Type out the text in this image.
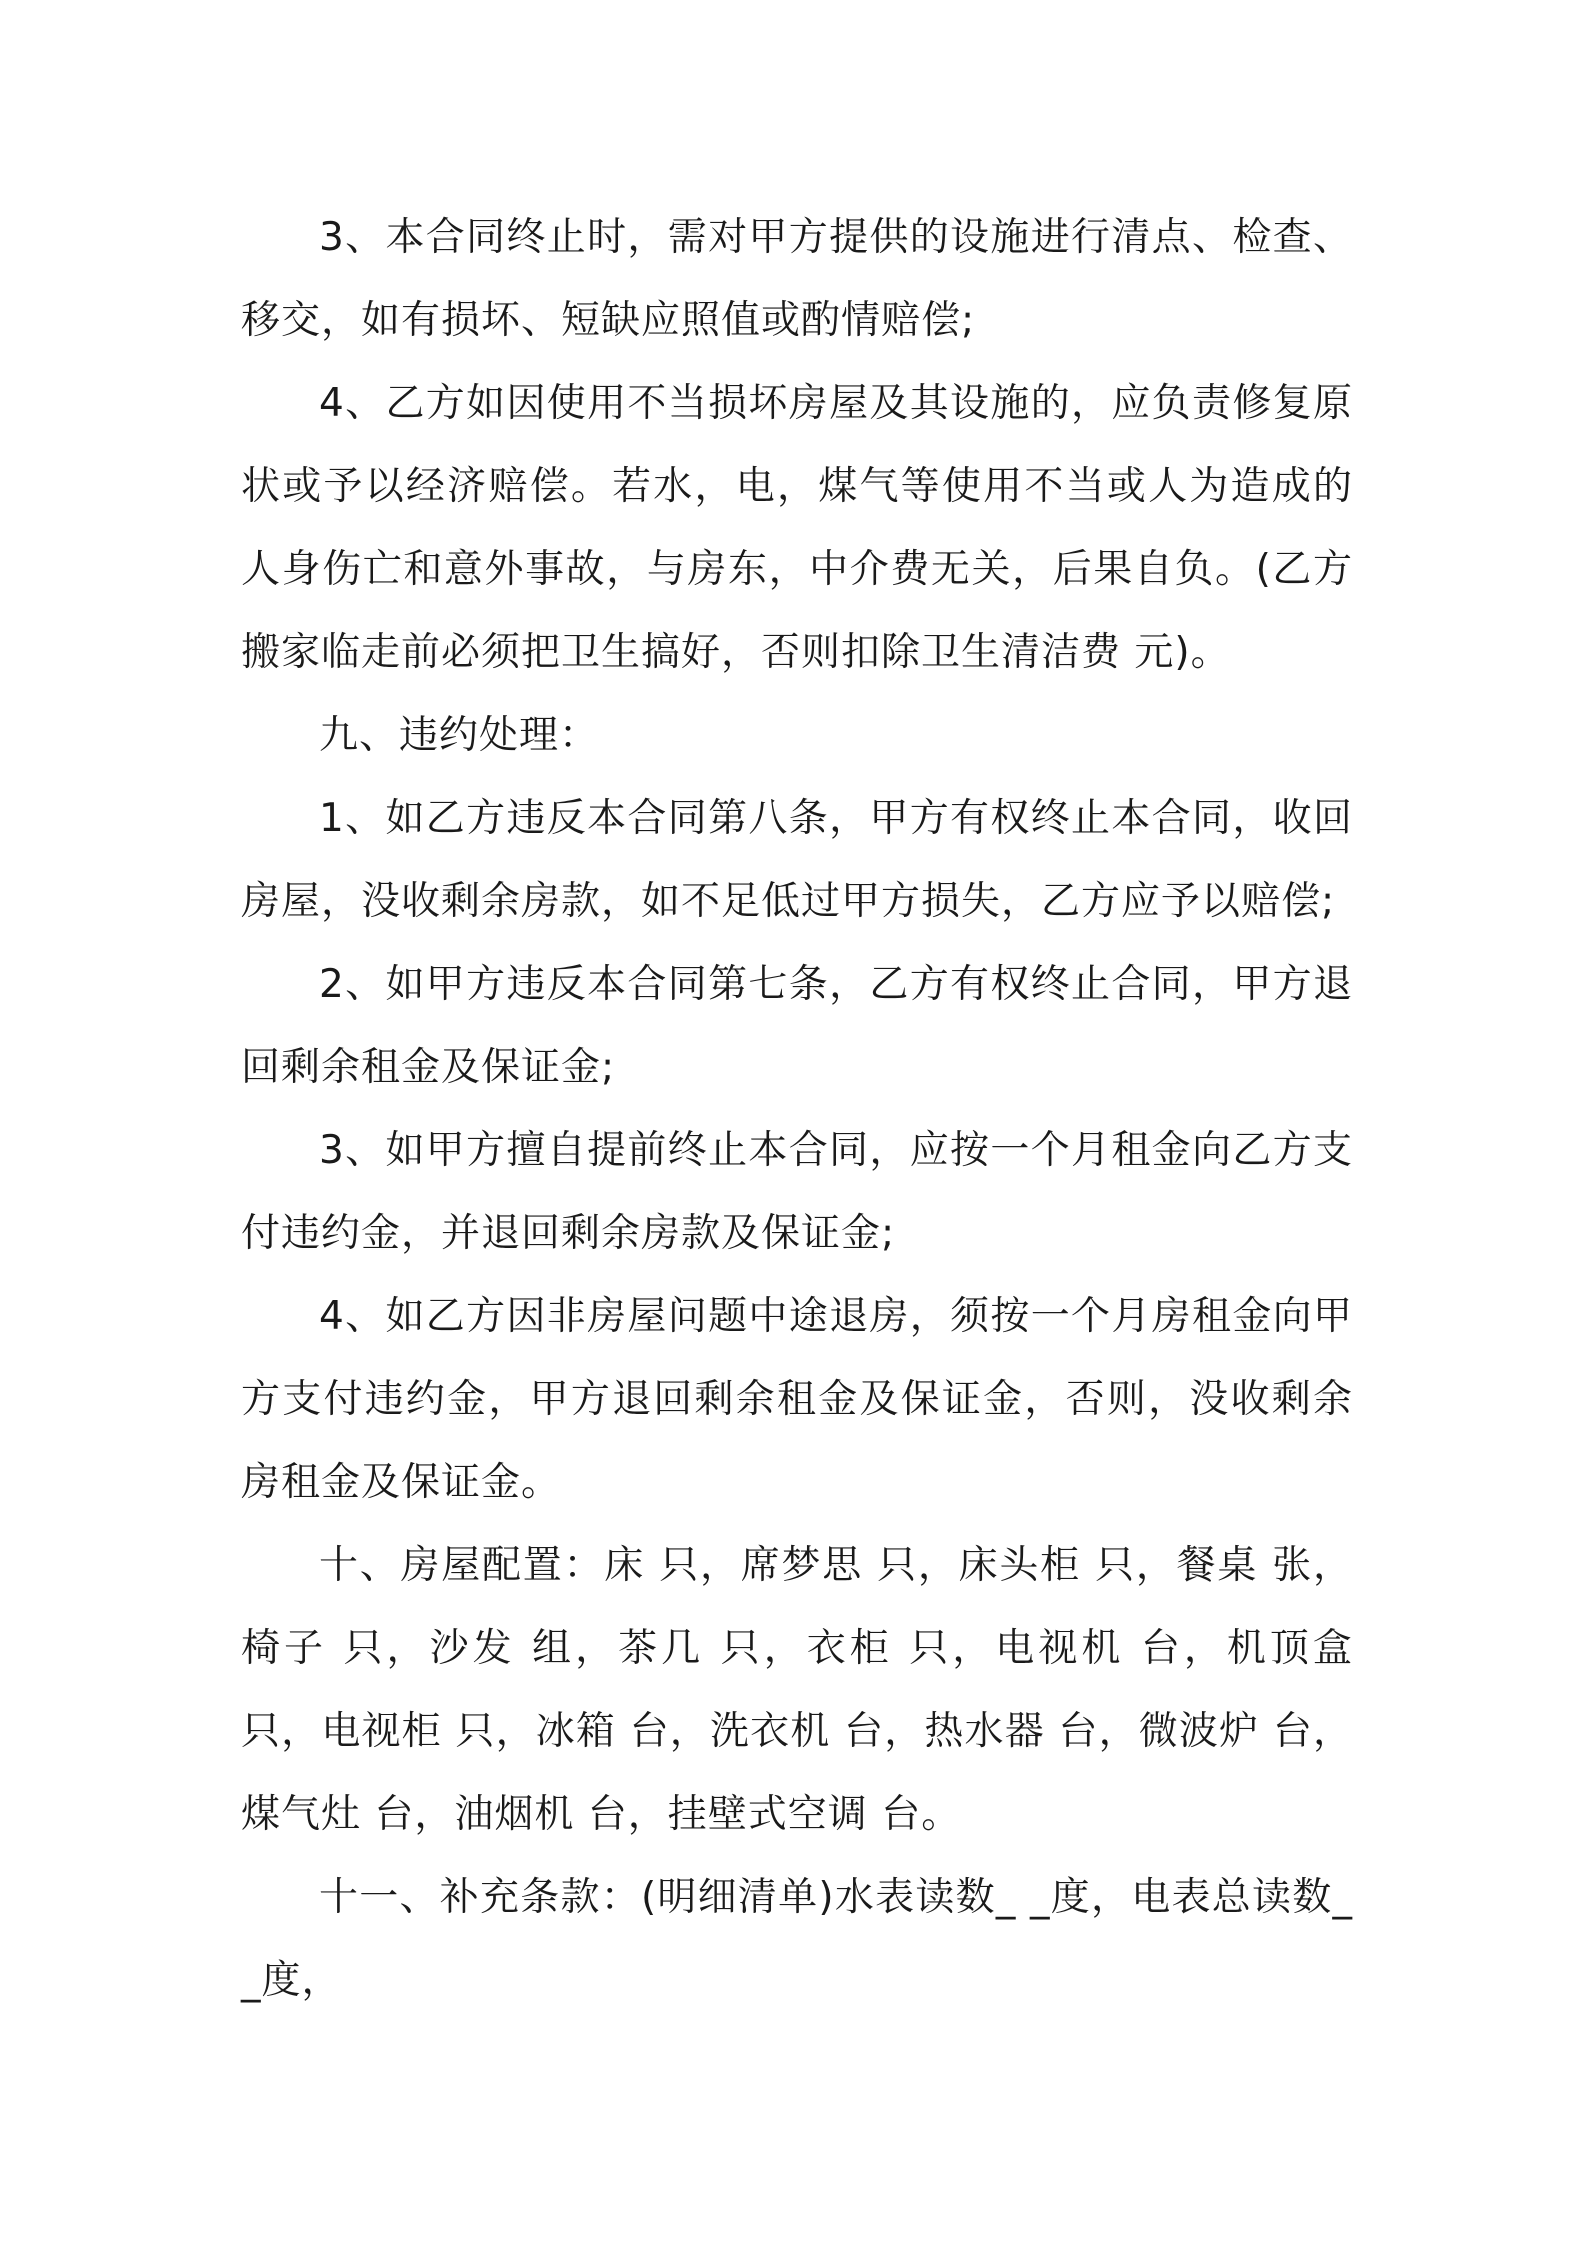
3、本合同终止时，需对甲方提供的设施进行清点、检查、移交，如有损坏、短缺应照值或酌情赔偿;

4、乙方如因使用不当损坏房屋及其设施的，应负责修复原状或予以经济赔偿。若水，电，煤气等使用不当或人为造成的人身伤亡和意外事故，与房东，中介费无关，后果自负。(乙方搬家临走前必须把卫生搞好，否则扣除卫生清洁费 元)。

九、违约处理：

1、如乙方违反本合同第八条，甲方有权终止本合同，收回房屋，没收剩余房款，如不足低过甲方损失，乙方应予以赔偿;

2、如甲方违反本合同第七条，乙方有权终止合同，甲方退回剩余租金及保证金;

3、如甲方擅自提前终止本合同，应按一个月租金向乙方支付违约金，并退回剩余房款及保证金;

4、如乙方因非房屋问题中途退房，须按一个月房租金向甲方支付违约金，甲方退回剩余租金及保证金，否则，没收剩余房租金及保证金。

十、房屋配置：床 只，席梦思 只，床头柜 只，餐桌 张，椅子 只，沙发 组，茶几 只，衣柜 只，电视机 台，机顶盒 只，电视柜 只，冰箱 台，洗衣机 台，热水器 台，微波炉 台，煤气灶 台，油烟机 台，挂壁式空调 台。

十一、补充条款：(明细清单)水表读数_ _度，电表总读数_ _度，
